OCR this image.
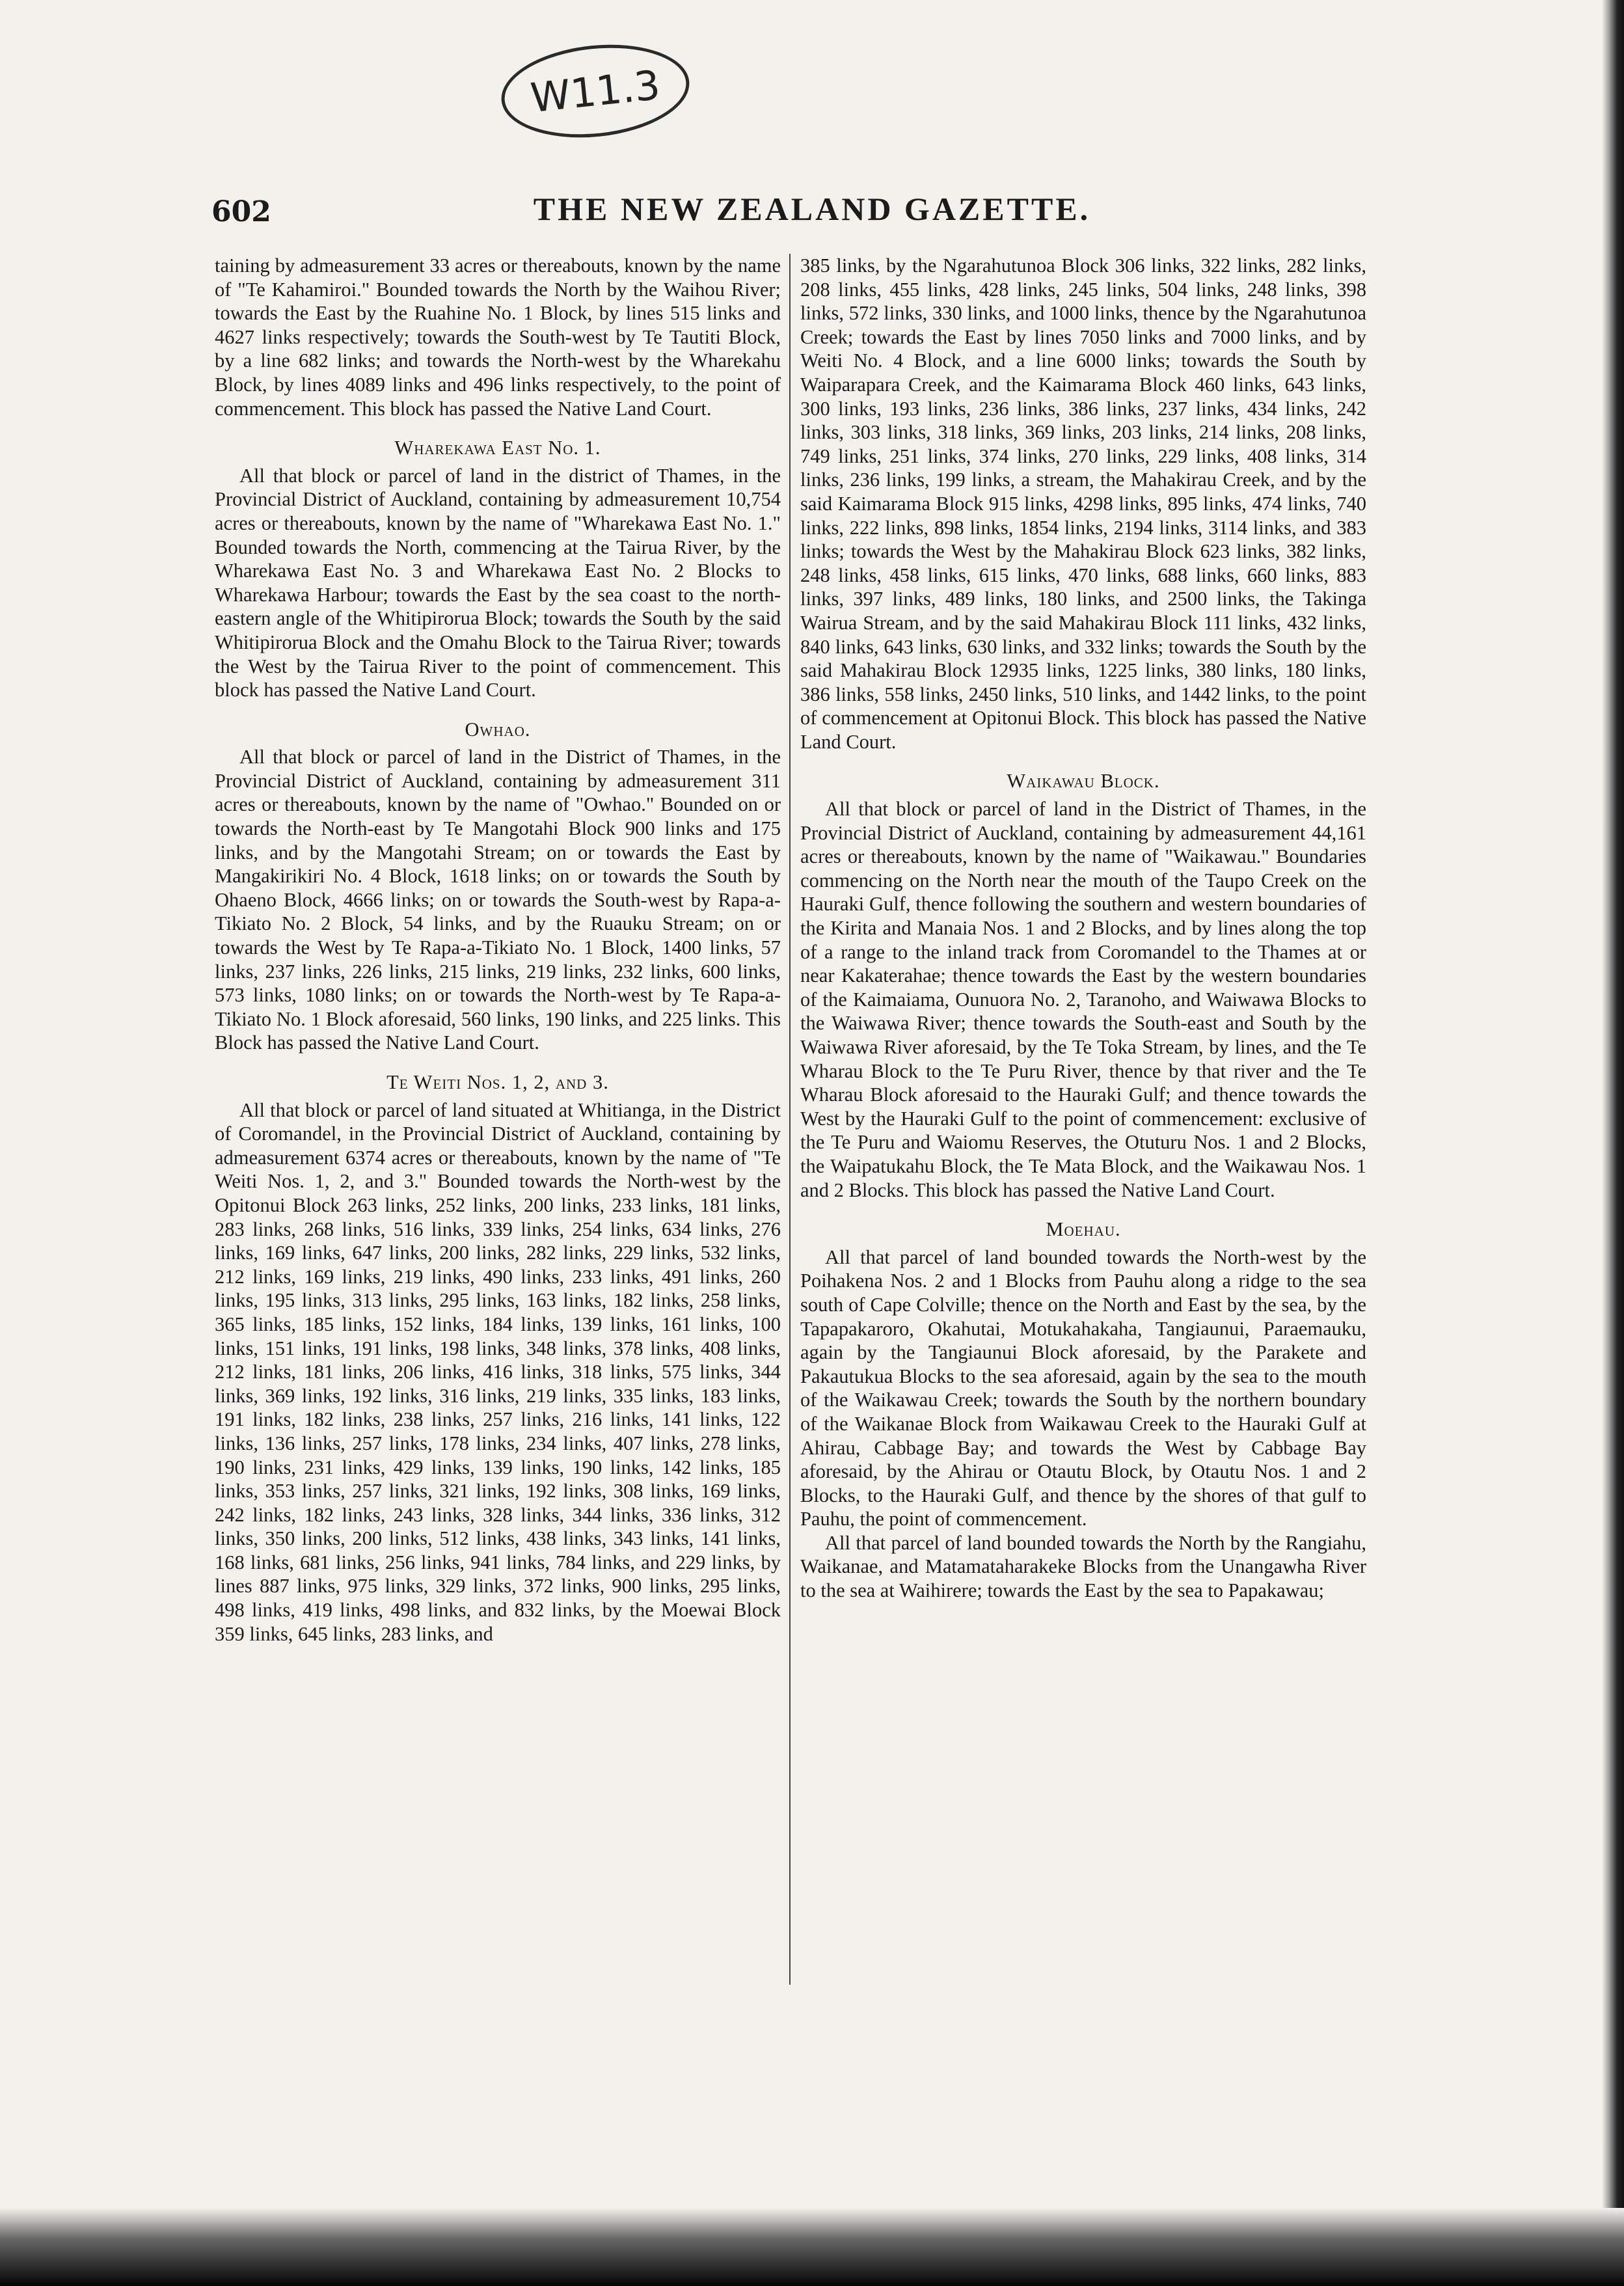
W11.3
602	THE NEW ZEALAND GAZETTE.

taining by admeasurement 33 acres or thereabouts, known by the name of "Te Kahamiroi." Bounded towards the North by the Waihou River; towards the East by the Ruahine No. 1 Block, by lines 515 links and 4627 links respectively; towards the South-west by Te Tautiti Block, by a line 682 links; and towards the North-west by the Wharekahu Block, by lines 4089 links and 496 links respectively, to the point of commencement. This block has passed the Native Land Court.

Wharekawa East No. 1.

All that block or parcel of land in the district of Thames, in the Provincial District of Auckland, containing by admeasurement 10,754 acres or thereabouts, known by the name of "Wharekawa East No. 1." Bounded towards the North, commencing at the Tairua River, by the Wharekawa East No. 3 and Wharekawa East No. 2 Blocks to Wharekawa Harbour; towards the East by the sea coast to the north-eastern angle of the Whitipirorua Block; towards the South by the said Whitipirorua Block and the Omahu Block to the Tairua River; towards the West by the Tairua River to the point of commencement. This block has passed the Native Land Court.

Owhao.

All that block or parcel of land in the District of Thames, in the Provincial District of Auckland, containing by admeasurement 311 acres or thereabouts, known by the name of "Owhao." Bounded on or towards the North-east by Te Mangotahi Block 900 links and 175 links, and by the Mangotahi Stream; on or towards the East by Mangakirikiri No. 4 Block, 1618 links; on or towards the South by Ohaeno Block, 4666 links; on or towards the South-west by Rapa-a-Tikiato No. 2 Block, 54 links, and by the Ruauku Stream; on or towards the West by Te Rapa-a-Tikiato No. 1 Block, 1400 links, 57 links, 237 links, 226 links, 215 links, 219 links, 232 links, 600 links, 573 links, 1080 links; on or towards the North-west by Te Rapa-a-Tikiato No. 1 Block aforesaid, 560 links, 190 links, and 225 links. This Block has passed the Native Land Court.

Te Weiti Nos. 1, 2, and 3.

All that block or parcel of land situated at Whitianga, in the District of Coromandel, in the Provincial District of Auckland, containing by admeasurement 6374 acres or thereabouts, known by the name of "Te Weiti Nos. 1, 2, and 3." Bounded towards the North-west by the Opitonui Block 263 links, 252 links, 200 links, 233 links, 181 links, 283 links, 268 links, 516 links, 339 links, 254 links, 634 links, 276 links, 169 links, 647 links, 200 links, 282 links, 229 links, 532 links, 212 links, 169 links, 219 links, 490 links, 233 links, 491 links, 260 links, 195 links, 313 links, 295 links, 163 links, 182 links, 258 links, 365 links, 185 links, 152 links, 184 links, 139 links, 161 links, 100 links, 151 links, 191 links, 198 links, 348 links, 378 links, 408 links, 212 links, 181 links, 206 links, 416 links, 318 links, 575 links, 344 links, 369 links, 192 links, 316 links, 219 links, 335 links, 183 links, 191 links, 182 links, 238 links, 257 links, 216 links, 141 links, 122 links, 136 links, 257 links, 178 links, 234 links, 407 links, 278 links, 190 links, 231 links, 429 links, 139 links, 190 links, 142 links, 185 links, 353 links, 257 links, 321 links, 192 links, 308 links, 169 links, 242 links, 182 links, 243 links, 328 links, 344 links, 336 links, 312 links, 350 links, 200 links, 512 links, 438 links, 343 links, 141 links, 168 links, 681 links, 256 links, 941 links, 784 links, and 229 links, by lines 887 links, 975 links, 329 links, 372 links, 900 links, 295 links, 498 links, 419 links, 498 links, and 832 links, by the Moewai Block 359 links, 645 links, 283 links, and

385 links, by the Ngarahutunoa Block 306 links, 322 links, 282 links, 208 links, 455 links, 428 links, 245 links, 504 links, 248 links, 398 links, 572 links, 330 links, and 1000 links, thence by the Ngarahutunoa Creek; towards the East by lines 7050 links and 7000 links, and by Weiti No. 4 Block, and a line 6000 links; towards the South by Waiparapara Creek, and the Kaimarama Block 460 links, 643 links, 300 links, 193 links, 236 links, 386 links, 237 links, 434 links, 242 links, 303 links, 318 links, 369 links, 203 links, 214 links, 208 links, 749 links, 251 links, 374 links, 270 links, 229 links, 408 links, 314 links, 236 links, 199 links, a stream, the Mahakirau Creek, and by the said Kaimarama Block 915 links, 4298 links, 895 links, 474 links, 740 links, 222 links, 898 links, 1854 links, 2194 links, 3114 links, and 383 links; towards the West by the Mahakirau Block 623 links, 382 links, 248 links, 458 links, 615 links, 470 links, 688 links, 660 links, 883 links, 397 links, 489 links, 180 links, and 2500 links, the Takinga Wairua Stream, and by the said Mahakirau Block 111 links, 432 links, 840 links, 643 links, 630 links, and 332 links; towards the South by the said Mahakirau Block 12935 links, 1225 links, 380 links, 180 links, 386 links, 558 links, 2450 links, 510 links, and 1442 links, to the point of commencement at Opitonui Block. This block has passed the Native Land Court.

Waikawau Block.

All that block or parcel of land in the District of Thames, in the Provincial District of Auckland, containing by admeasurement 44,161 acres or thereabouts, known by the name of "Waikawau." Boundaries commencing on the North near the mouth of the Taupo Creek on the Hauraki Gulf, thence following the southern and western boundaries of the Kirita and Manaia Nos. 1 and 2 Blocks, and by lines along the top of a range to the inland track from Coromandel to the Thames at or near Kakaterahae; thence towards the East by the western boundaries of the Kaimaiama, Ounuora No. 2, Taranoho, and Waiwawa Blocks to the Waiwawa River; thence towards the South-east and South by the Waiwawa River aforesaid, by the Te Toka Stream, by lines, and the Te Wharau Block to the Te Puru River, thence by that river and the Te Wharau Block aforesaid to the Hauraki Gulf; and thence towards the West by the Hauraki Gulf to the point of commencement: exclusive of the Te Puru and Waiomu Reserves, the Otuturu Nos. 1 and 2 Blocks, the Waipatukahu Block, the Te Mata Block, and the Waikawau Nos. 1 and 2 Blocks. This block has passed the Native Land Court.

Moehau.

All that parcel of land bounded towards the North-west by the Poihakena Nos. 2 and 1 Blocks from Pauhu along a ridge to the sea south of Cape Colville; thence on the North and East by the sea, by the Tapapakaroro, Okahutai, Motukahakaha, Tangiaunui, Paraemauku, again by the Tangiaunui Block aforesaid, by the Parakete and Pakautukua Blocks to the sea aforesaid, again by the sea to the mouth of the Waikawau Creek; towards the South by the northern boundary of the Waikanae Block from Waikawau Creek to the Hauraki Gulf at Ahirau, Cabbage Bay; and towards the West by Cabbage Bay aforesaid, by the Ahirau or Otautu Block, by Otautu Nos. 1 and 2 Blocks, to the Hauraki Gulf, and thence by the shores of that gulf to Pauhu, the point of commencement.

All that parcel of land bounded towards the North by the Rangiahu, Waikanae, and Matamataharakeke Blocks from the Unangawha River to the sea at Waihirere; towards the East by the sea to Papakawau;
